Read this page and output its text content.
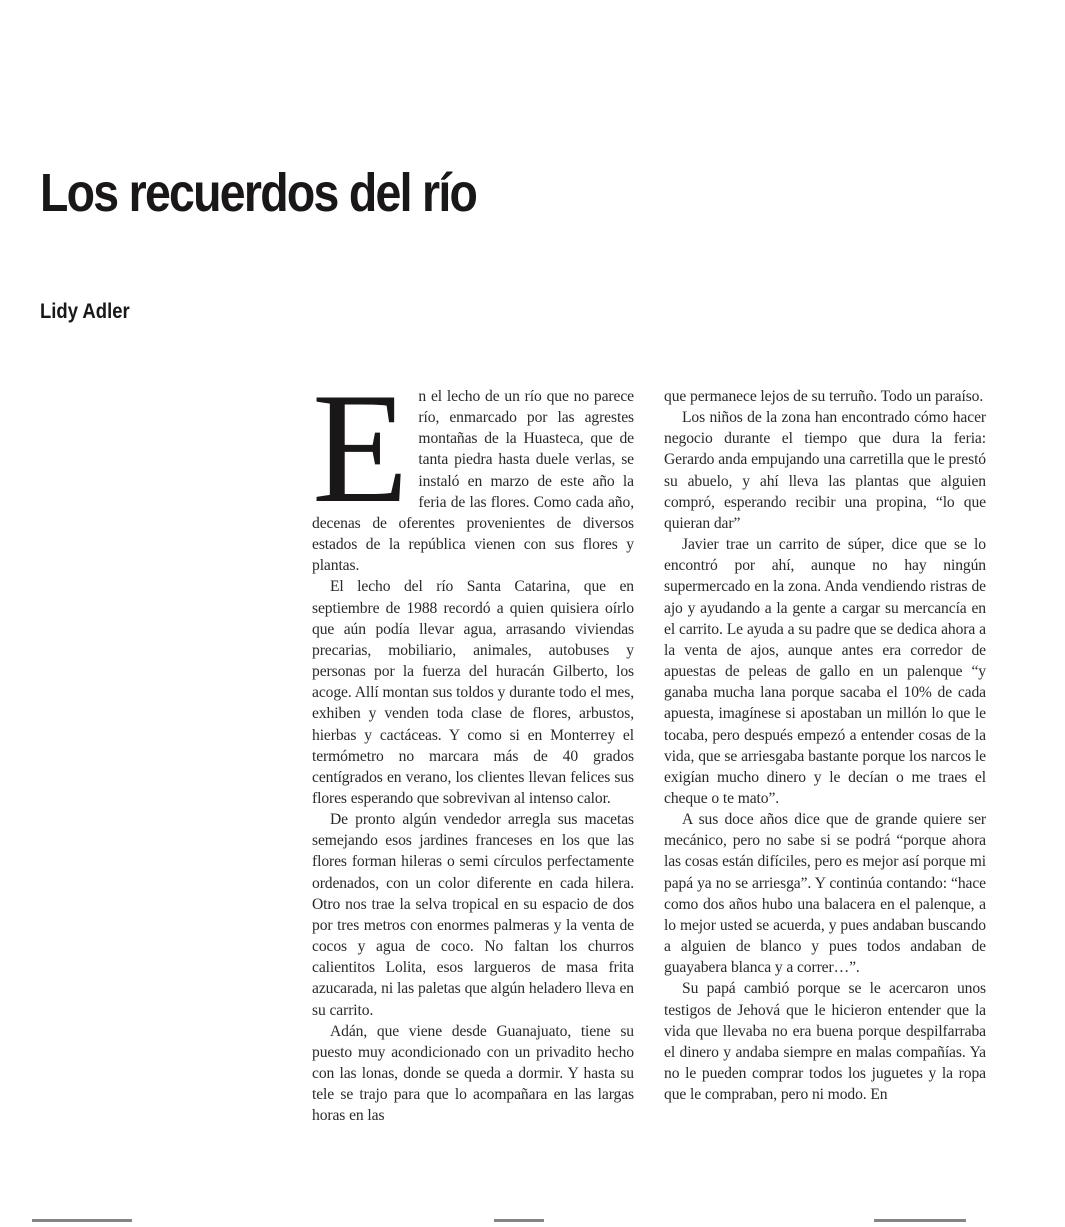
Los recuerdos del río
Lidy Adler

En el lecho de un río que no parece río, enmarcado por las agrestes montañas de la Huasteca, que de tanta piedra hasta duele verlas, se instaló en marzo de este año la feria de las flores. Como cada año, decenas de oferentes provenientes de diversos estados de la república vienen con sus flores y plantas.

El lecho del río Santa Catarina, que en septiembre de 1988 recordó a quien quisiera oírlo que aún podía llevar agua, arrasando viviendas precarias, mobiliario, animales, autobuses y personas por la fuerza del huracán Gilberto, los acoge. Allí montan sus toldos y durante todo el mes, exhiben y venden toda clase de flores, arbustos, hierbas y cactáceas. Y como si en Monterrey el termómetro no marcara más de 40 grados centígrados en verano, los clientes llevan felices sus flores esperando que sobrevivan al intenso calor.

De pronto algún vendedor arregla sus macetas semejando esos jardines franceses en los que las flores forman hileras o semi círculos perfectamente ordenados, con un color diferente en cada hilera. Otro nos trae la selva tropical en su espacio de dos por tres metros con enormes palmeras y la venta de cocos y agua de coco. No faltan los churros calientitos Lolita, esos largueros de masa frita azucarada, ni las paletas que algún heladero lleva en su carrito.

Adán, que viene desde Guanajuato, tiene su puesto muy acondicionado con un privadito hecho con las lonas, donde se queda a dormir. Y hasta su tele se trajo para que lo acompañara en las largas horas en las

que permanece lejos de su terruño. Todo un paraíso.

Los niños de la zona han encontrado cómo hacer negocio durante el tiempo que dura la feria: Gerardo anda empujando una carretilla que le prestó su abuelo, y ahí lleva las plantas que alguien compró, esperando recibir una propina, “lo que quieran dar”

Javier trae un carrito de súper, dice que se lo encontró por ahí, aunque no hay ningún supermercado en la zona. Anda vendiendo ristras de ajo y ayudando a la gente a cargar su mercancía en el carrito. Le ayuda a su padre que se dedica ahora a la venta de ajos, aunque antes era corredor de apuestas de peleas de gallo en un palenque “y ganaba mucha lana porque sacaba el 10% de cada apuesta, imagínese si apostaban un millón lo que le tocaba, pero después empezó a entender cosas de la vida, que se arriesgaba bastante porque los narcos le exigían mucho dinero y le decían o me traes el cheque o te mato”.

A sus doce años dice que de grande quiere ser mecánico, pero no sabe si se podrá “porque ahora las cosas están difíciles, pero es mejor así porque mi papá ya no se arriesga”. Y continúa contando: “hace como dos años hubo una balacera en el palenque, a lo mejor usted se acuerda, y pues andaban buscando a alguien de blanco y pues todos andaban de guayabera blanca y a correr…”.

Su papá cambió porque se le acercaron unos testigos de Jehová que le hicieron entender que la vida que llevaba no era buena porque despilfarraba el dinero y andaba siempre en malas compañías. Ya no le pueden comprar todos los juguetes y la ropa que le compraban, pero ni modo. En
